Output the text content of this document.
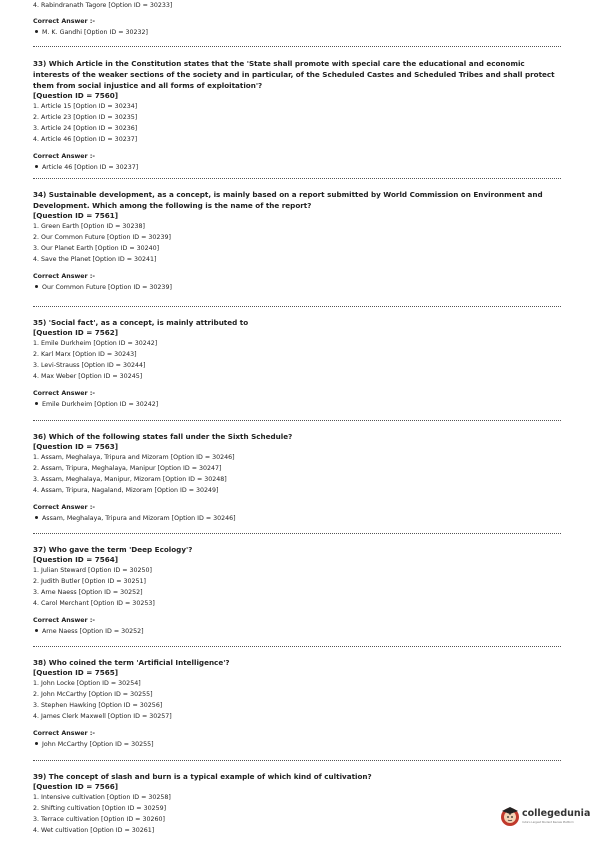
4. Rabindranath Tagore [Option ID = 30233]
Correct Answer :-
M. K. Gandhi [Option ID = 30232]
33) Which Article in the Constitution states that the 'State shall promote with special care the educational and economic interests of the weaker sections of the society and in particular, of the Scheduled Castes and Scheduled Tribes and shall protect them from social injustice and all forms of exploitation'?
[Question ID = 7560]
1. Article 15 [Option ID = 30234]
2. Article 23 [Option ID = 30235]
3. Article 24 [Option ID = 30236]
4. Article 46 [Option ID = 30237]
Correct Answer :-
Article 46 [Option ID = 30237]
34) Sustainable development, as a concept, is mainly based on a report submitted by World Commission on Environment and Development. Which among the following is the name of the report?
[Question ID = 7561]
1. Green Earth [Option ID = 30238]
2. Our Common Future [Option ID = 30239]
3. Our Planet Earth [Option ID = 30240]
4. Save the Planet [Option ID = 30241]
Correct Answer :-
Our Common Future [Option ID = 30239]
35) 'Social fact', as a concept, is mainly attributed to
[Question ID = 7562]
1. Emile Durkheim [Option ID = 30242]
2. Karl Marx [Option ID = 30243]
3. Levi-Strauss [Option ID = 30244]
4. Max Weber [Option ID = 30245]
Correct Answer :-
Emile Durkheim [Option ID = 30242]
36) Which of the following states fall under the Sixth Schedule?
[Question ID = 7563]
1. Assam, Meghalaya, Tripura and Mizoram [Option ID = 30246]
2. Assam, Tripura, Meghalaya, Manipur [Option ID = 30247]
3. Assam, Meghalaya, Manipur, Mizoram [Option ID = 30248]
4. Assam, Tripura, Nagaland, Mizoram [Option ID = 30249]
Correct Answer :-
Assam, Meghalaya, Tripura and Mizoram [Option ID = 30246]
37) Who gave the term 'Deep Ecology'?
[Question ID = 7564]
1. Julian Steward [Option ID = 30250]
2. Judith Butler [Option ID = 30251]
3. Arne Naess [Option ID = 30252]
4. Carol Merchant [Option ID = 30253]
Correct Answer :-
Arne Naess [Option ID = 30252]
38) Who coined the term 'Artificial Intelligence'?
[Question ID = 7565]
1. John Locke [Option ID = 30254]
2. John McCarthy [Option ID = 30255]
3. Stephen Hawking [Option ID = 30256]
4. James Clerk Maxwell [Option ID = 30257]
Correct Answer :-
John McCarthy [Option ID = 30255]
39) The concept of slash and burn is a typical example of which kind of cultivation?
[Question ID = 7566]
1. Intensive cultivation [Option ID = 30258]
2. Shifting cultivation [Option ID = 30259]
3. Terrace cultivation [Option ID = 30260]
4. Wet cultivation [Option ID = 30261]
collegedunia
India's Largest Student Review Platform
